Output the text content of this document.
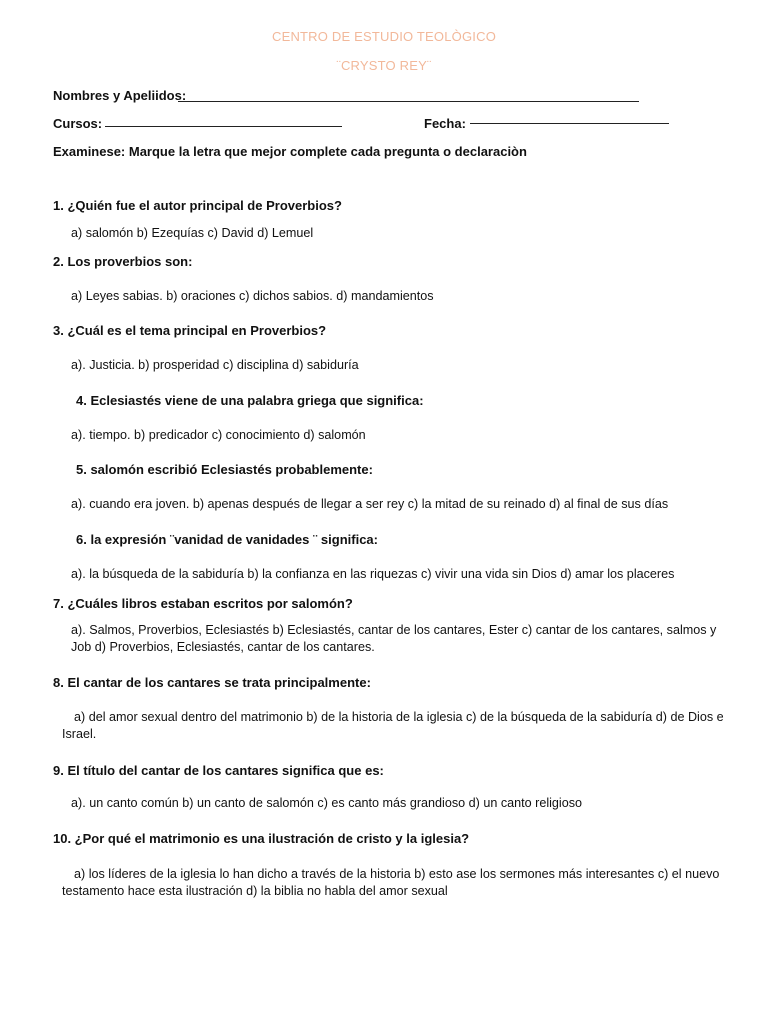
CENTRO DE ESTUDIO TEOLÒGICO
¨CRYSTO REY¨
Nombres y Apeliidos:
Cursos:	Fecha:
Examinese: Marque la letra que mejor complete cada pregunta o declaraciòn
1. ¿Quién fue el autor principal de Proverbios?
a) salomón b) Ezequías c) David d) Lemuel
2. Los proverbios son:
a) Leyes sabias. b) oraciones c) dichos sabios. d) mandamientos
3. ¿Cuál es el tema principal en Proverbios?
a). Justicia. b) prosperidad c) disciplina d) sabiduría
4. Eclesiastés viene de una palabra griega que significa:
a). tiempo. b) predicador c) conocimiento d) salomón
5. salomón escribió Eclesiastés probablemente:
a). cuando era joven. b) apenas después de llegar a ser rey c) la mitad de su reinado d) al final de sus días
6. la expresión ¨vanidad de vanidades ¨ significa:
a). la búsqueda de la sabiduría b) la confianza en las riquezas c) vivir una vida sin Dios d) amar los placeres
7. ¿Cuáles libros estaban escritos por salomón?
a). Salmos, Proverbios, Eclesiastés b) Eclesiastés, cantar de los cantares, Ester c) cantar de los cantares, salmos y Job d) Proverbios, Eclesiastés, cantar de los cantares.
8. El cantar de los cantares se trata principalmente:
a) del amor sexual dentro del matrimonio b) de la historia de la iglesia c) de la búsqueda de la sabiduría d) de Dios e Israel.
9. El título del cantar de los cantares significa que es:
a). un canto común b) un canto de salomón c) es canto más grandioso d) un canto religioso
10. ¿Por qué el matrimonio es una ilustración de cristo y la iglesia?
a) los líderes de la iglesia lo han dicho a través de la historia b) esto ase los sermones más interesantes c) el nuevo testamento hace esta ilustración d) la biblia no habla del amor sexual
